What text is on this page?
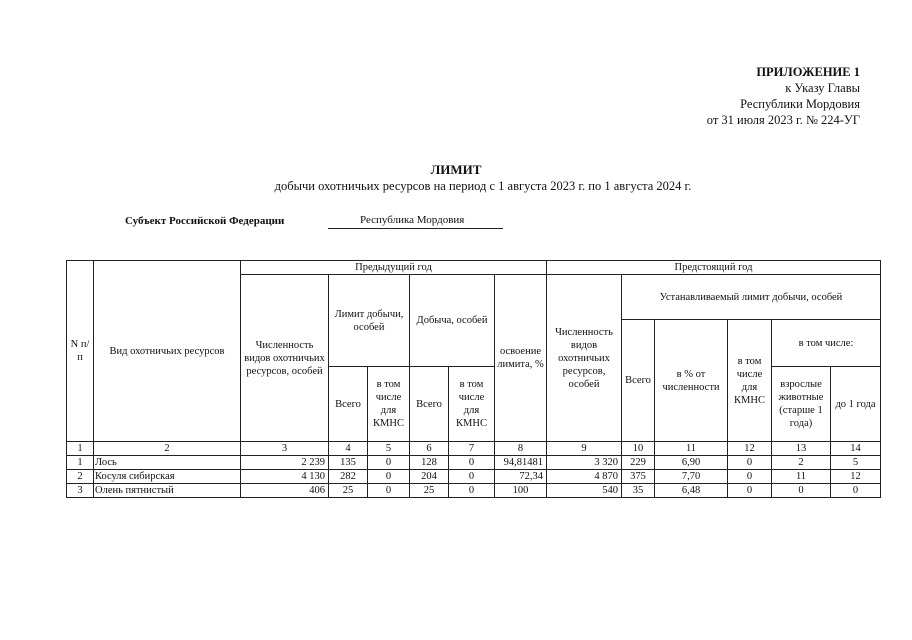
ПРИЛОЖЕНИЕ 1
к Указу Главы
Республики Мордовия
от 31 июля 2023 г. № 224-УГ
ЛИМИТ
добычи охотничьих ресурсов на период с 1 августа 2023 г. по 1 августа 2024 г.
Субъект Российской Федерации	Республика Мордовия
N п/п	Вид охотничьих ресурсов	Предыдущий год						Предстоящий год					
		Численность видов охотничьих ресурсов, особей	Лимит добычи, особей		Добыча, особей		освоение лимита, %	Численность видов охотничьих ресурсов, особей	Устанавливаемый лимит добычи, особей				
									Всего	в % от численности	в том числе для КМНС	в том числе:	
			Всего	в том числе для КМНС	Всего	в том числе для КМНС						взрослые животные (старше 1 года)	до 1 года
1	2	3	4	5	6	7	8	9	10	11	12	13	14
1	Лось	2 239	135	0	128	0	94,81481	3 320	229	6,90	0	2	5
2	Косуля сибирская	4 130	282	0	204	0	72,34	4 870	375	7,70	0	11	12
3	Олень пятнистый	406	25	0	25	0	100	540	35	6,48	0	0	0
